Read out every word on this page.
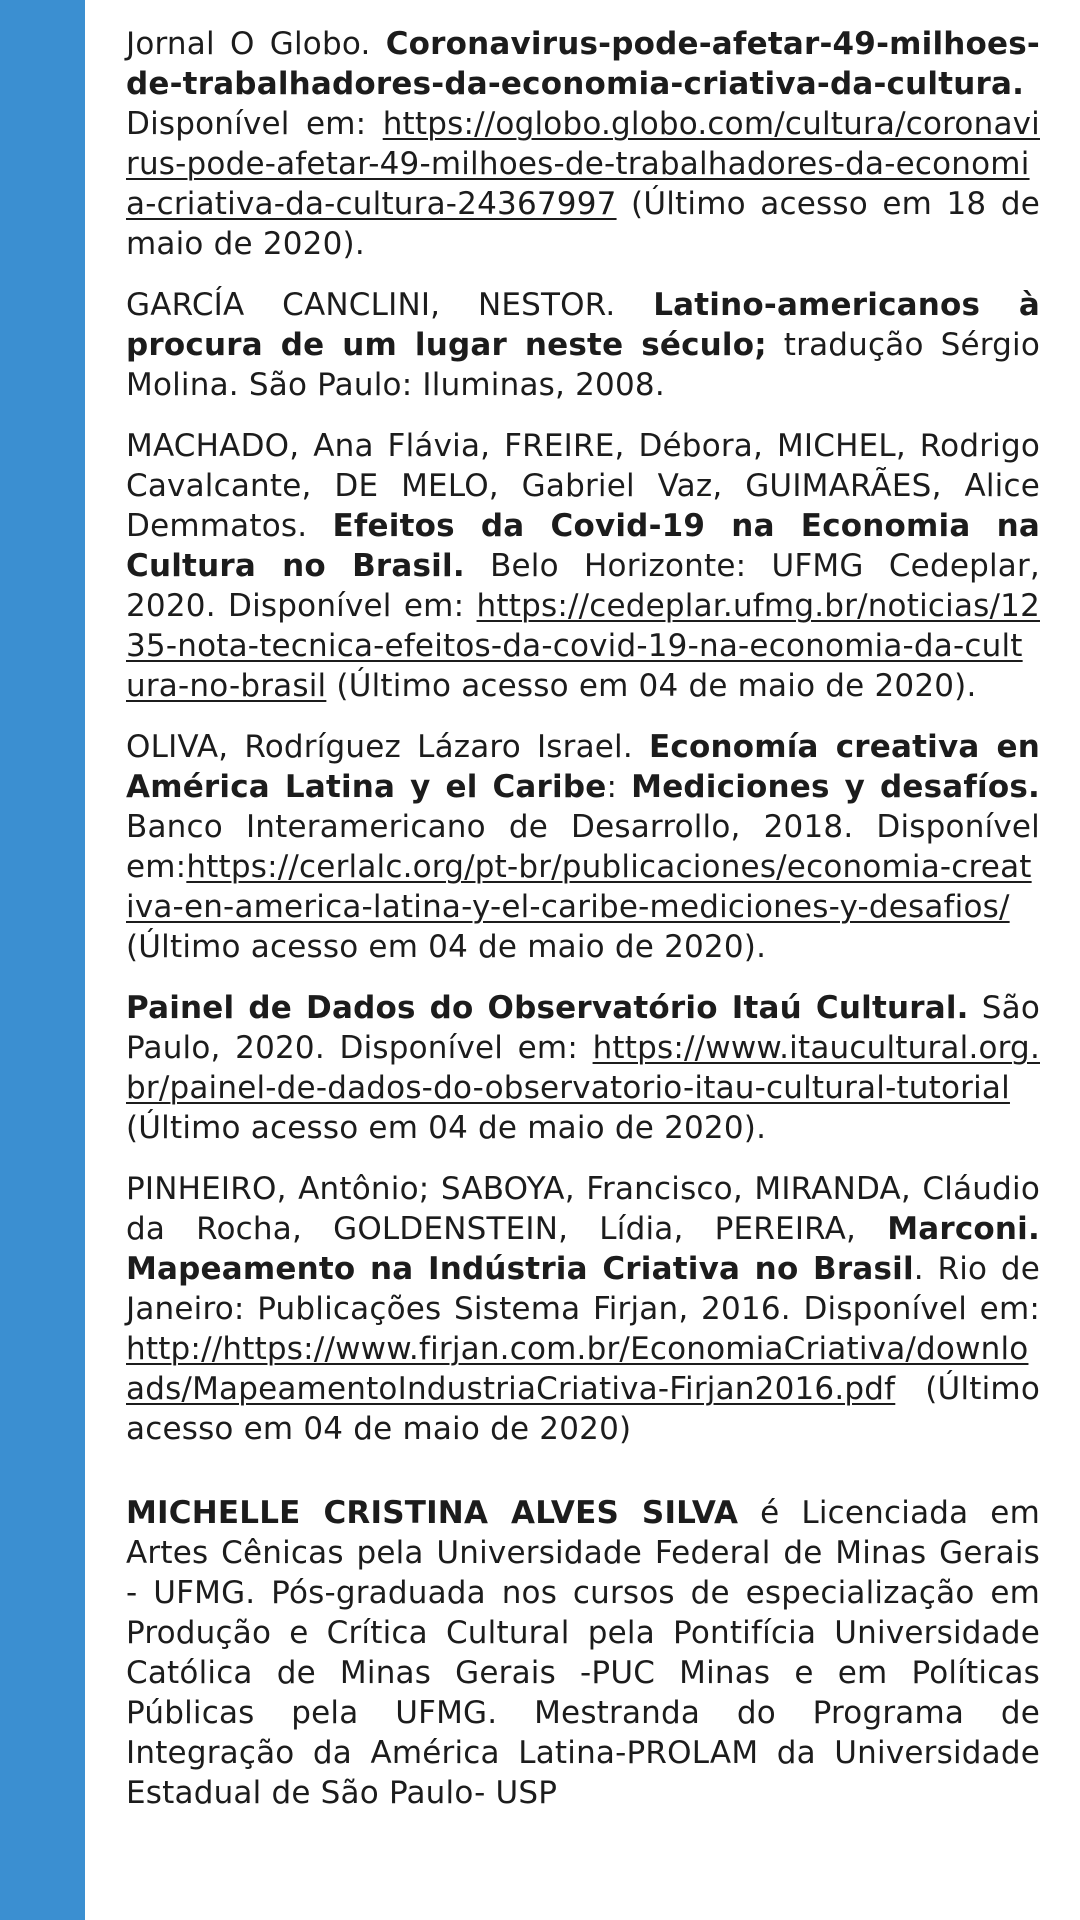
Jornal O Globo. Coronavirus-pode-afetar-49-milhoes-de-trabalhadores-da-economia-criativa-da-cultura. Disponível em: https://oglobo.globo.com/cultura/coronavirus-pode-afetar-49-milhoes-de-trabalhadores-da-economia-criativa-da-cultura-24367997 (Último acesso em 18 de maio de 2020).

GARCÍA CANCLINI, NESTOR. Latino-americanos à procura de um lugar neste século; tradução Sérgio Molina. São Paulo: Iluminas, 2008.

MACHADO, Ana Flávia, FREIRE, Débora, MICHEL, Rodrigo Cavalcante, DE MELO, Gabriel Vaz, GUIMARÃES, Alice Demmatos. Efeitos da Covid-19 na Economia na Cultura no Brasil. Belo Horizonte: UFMG Cedeplar, 2020. Disponível em: https://cedeplar.ufmg.br/noticias/1235-nota-tecnica-efeitos-da-covid-19-na-economia-da-cultura-no-brasil (Último acesso em 04 de maio de 2020).

OLIVA, Rodríguez Lázaro Israel. Economía creativa en América Latina y el Caribe: Mediciones y desafíos. Banco Interamericano de Desarrollo, 2018. Disponível em:https://cerlalc.org/pt-br/publicaciones/economia-creativa-en-america-latina-y-el-caribe-mediciones-y-desafios/ (Último acesso em 04 de maio de 2020).

Painel de Dados do Observatório Itaú Cultural. São Paulo, 2020. Disponível em: https://www.itaucultural.org.br/painel-de-dados-do-observatorio-itau-cultural-tutorial (Último acesso em 04 de maio de 2020).

PINHEIRO, Antônio; SABOYA, Francisco, MIRANDA, Cláudio da Rocha, GOLDENSTEIN, Lídia, PEREIRA, Marconi. Mapeamento na Indústria Criativa no Brasil. Rio de Janeiro: Publicações Sistema Firjan, 2016. Disponível em: http://https://www.firjan.com.br/EconomiaCriativa/downloads/MapeamentoIndustriaCriativa-Firjan2016.pdf (Último acesso em 04 de maio de 2020)

MICHELLE CRISTINA ALVES SILVA é Licenciada em Artes Cênicas pela Universidade Federal de Minas Gerais - UFMG. Pós-graduada nos cursos de especialização em Produção e Crítica Cultural pela Pontifícia Universidade Católica de Minas Gerais -PUC Minas e em Políticas Públicas pela UFMG. Mestranda do Programa de Integração da América Latina-PROLAM da Universidade Estadual de São Paulo- USP
